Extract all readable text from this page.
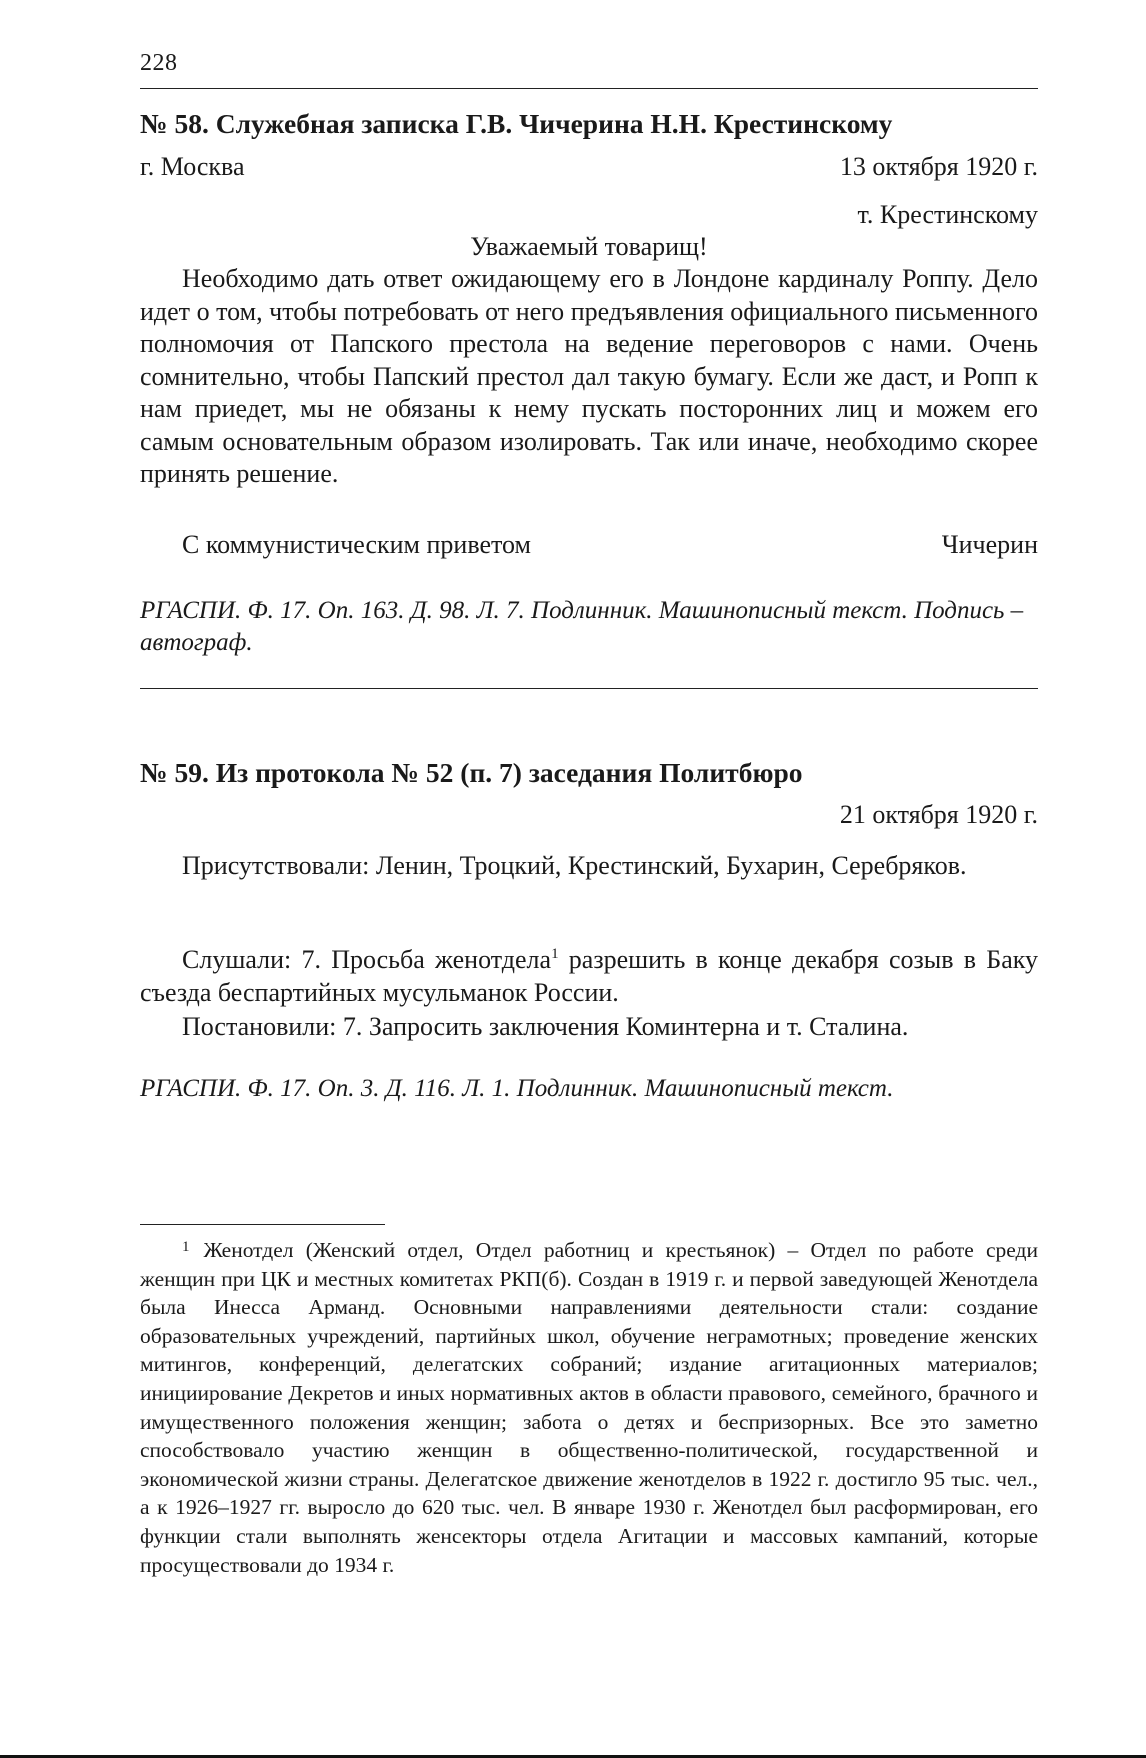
228
№ 58. Служебная записка Г.В. Чичерина Н.Н. Крестинскому
г. Москва	13 октября 1920 г.
т. Крестинскому
Уважаемый товарищ!

Необходимо дать ответ ожидающему его в Лондоне кардиналу Роппу. Дело идет о том, чтобы потребовать от него предъявления официального письменного полномочия от Папского престола на ведение переговоров с нами. Очень сомнительно, чтобы Папский престол дал такую бумагу. Если же даст, и Ропп к нам приедет, мы не обязаны к нему пускать посторонних лиц и можем его самым основательным образом изолировать. Так или иначе, необходимо скорее принять решение.

С коммунистическим приветом	Чичерин

РГАСПИ. Ф. 17. Оп. 163. Д. 98. Л. 7. Подлинник. Машинописный текст. Подпись – автограф.

№ 59. Из протокола № 52 (п. 7) заседания Политбюро
21 октября 1920 г.

Присутствовали: Ленин, Троцкий, Крестинский, Бухарин, Серебряков.

Слушали: 7. Просьба женотдела$^1$ разрешить в конце декабря созыв в Баку съезда беспартийных мусульманок России.

Постановили: 7. Запросить заключения Коминтерна и т. Сталина.

РГАСПИ. Ф. 17. Оп. 3. Д. 116. Л. 1. Подлинник. Машинописный текст.

$^1$ Женотдел (Женский отдел, Отдел работниц и крестьянок) – Отдел по работе среди женщин при ЦК и местных комитетах РКП(б). Создан в 1919 г. и первой заведующей Женотдела была Инесса Арманд. Основными направлениями деятельности стали: создание образовательных учреждений, партийных школ, обучение неграмотных; проведение женских митингов, конференций, делегатских собраний; издание агитационных материалов; инициирование Декретов и иных нормативных актов в области правового, семейного, брачного и имущественного положения женщин; забота о детях и беспризорных. Все это заметно способствовало участию женщин в общественно-политической, государственной и экономической жизни страны. Делегатское движение женотделов в 1922 г. достигло 95 тыс. чел., а к 1926–1927 гг. выросло до 620 тыс. чел. В январе 1930 г. Женотдел был расформирован, его функции стали выполнять женсекторы отдела Агитации и массовых кампаний, которые просуществовали до 1934 г.
